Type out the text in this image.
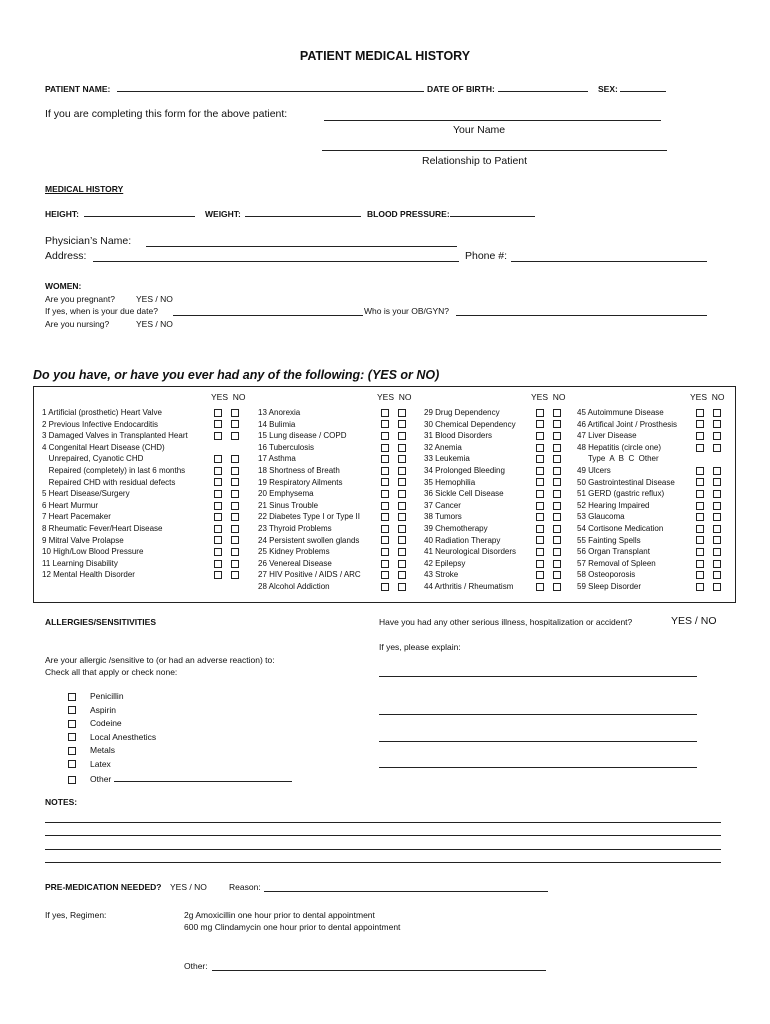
PATIENT MEDICAL HISTORY
PATIENT NAME:	DATE OF BIRTH:	SEX:
If you are completing this form for the above patient:
Your Name
Relationship to Patient
MEDICAL HISTORY
HEIGHT:	WEIGHT:	BLOOD PRESSURE:
Physician’s Name:
Address:	Phone #:
WOMEN:
Are you pregnant? YES / NO
If yes, when is your due date?	Who is your OB/GYN?
Are you nursing?	YES / NO
Do you have, or have you ever had any of the following: (YES or NO)
YES NO	YES NO	YES NO	YES NO
1 Artificial (prosthetic) Heart Valve
2 Previous Infective Endocarditis
3 Damaged Valves in Transplanted Heart
4 Congenital Heart Disease (CHD)
Unrepaired, Cyanotic CHD
Repaired (completely) in last 6 months
Repaired CHD with residual defects
5 Heart Disease/Surgery
6 Heart Murmur
7 Heart Pacemaker
8 Rheumatic Fever/Heart Disease
9 Mitral Valve Prolapse
10 High/Low Blood Pressure
11 Learning Disability
12 Mental Health Disorder
13 Anorexia
14 Bulimia
15 Lung disease / COPD
16 Tuberculosis
17 Asthma
18 Shortness of Breath
19 Respiratory Ailments
20 Emphysema
21 Sinus Trouble
22 Diabetes Type I or Type II
23 Thyroid Problems
24 Persistent swollen glands
25 Kidney Problems
26 Venereal Disease
27 HIV Positive / AIDS / ARC
28 Alcohol Addiction
29 Drug Dependency
30 Chemical Dependency
31 Blood Disorders
32 Anemia
33 Leukemia
34 Prolonged Bleeding
35 Hemophilia
36 Sickle Cell Disease
37 Cancer
38 Tumors
39 Chemotherapy
40 Radiation Therapy
41 Neurological Disorders
42 Epilepsy
43 Stroke
44 Arthritis / Rheumatism
45 Autoimmune Disease
46 Artifical Joint / Prosthesis
47 Liver Disease
48 Hepatitis (circle one)
Type  A  B  C  Other
49 Ulcers
50 Gastrointestinal Disease
51 GERD (gastric reflux)
52 Hearing Impaired
53 Glaucoma
54 Cortisone Medication
55 Fainting Spells
56 Organ Transplant
57 Removal of Spleen
58 Osteoporosis
59 Sleep Disorder
ALLERGIES/SENSITIVITIES
Are your allergic /sensitive to (or had an adverse reaction) to:
Check all that apply or check none:
Penicillin
Aspirin
Codeine
Local Anesthetics
Metals
Latex
Other
Have you had any other serious illness, hospitalization or accident?	YES / NO
If yes, please explain:
NOTES:
PRE-MEDICATION NEEDED? YES / NO	Reason:
If yes, Regimen:	2g Amoxicillin one hour prior to dental appointment
600 mg Clindamycin one hour prior to dental appointment
Other:
